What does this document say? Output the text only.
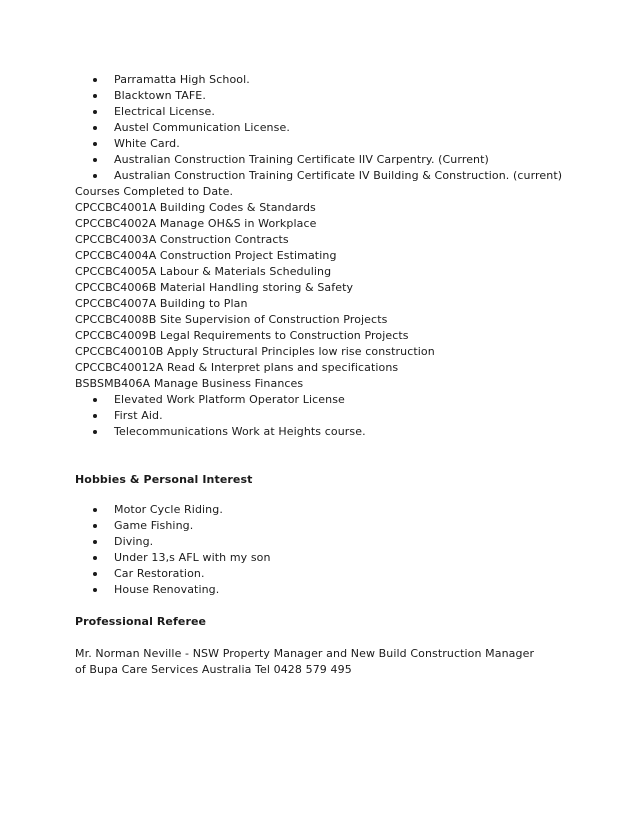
Parramatta High School.
Blacktown TAFE.
Electrical License.
Austel Communication License.
White Card.
Australian Construction Training Certificate IIV Carpentry. (Current)
Australian Construction Training Certificate IV Building & Construction. (current)
Courses Completed to Date.
CPCCBC4001A Building Codes & Standards
CPCCBC4002A Manage OH&S in Workplace
CPCCBC4003A Construction Contracts
CPCCBC4004A Construction Project Estimating
CPCCBC4005A Labour & Materials Scheduling
CPCCBC4006B Material Handling storing & Safety
CPCCBC4007A Building to Plan
CPCCBC4008B Site Supervision of Construction Projects
CPCCBC4009B Legal Requirements to Construction Projects
CPCCBC40010B Apply Structural Principles low rise construction
CPCCBC40012A Read & Interpret plans and specifications
BSBSMB406A Manage Business Finances
Elevated Work Platform Operator License
First Aid.
Telecommunications Work at Heights course.
Hobbies & Personal Interest
Motor Cycle Riding.
Game Fishing.
Diving.
Under 13,s AFL with my son
Car Restoration.
House Renovating.
Professional Referee
Mr. Norman Neville - NSW Property Manager and New Build Construction Manager
of Bupa Care Services Australia Tel 0428 579 495
